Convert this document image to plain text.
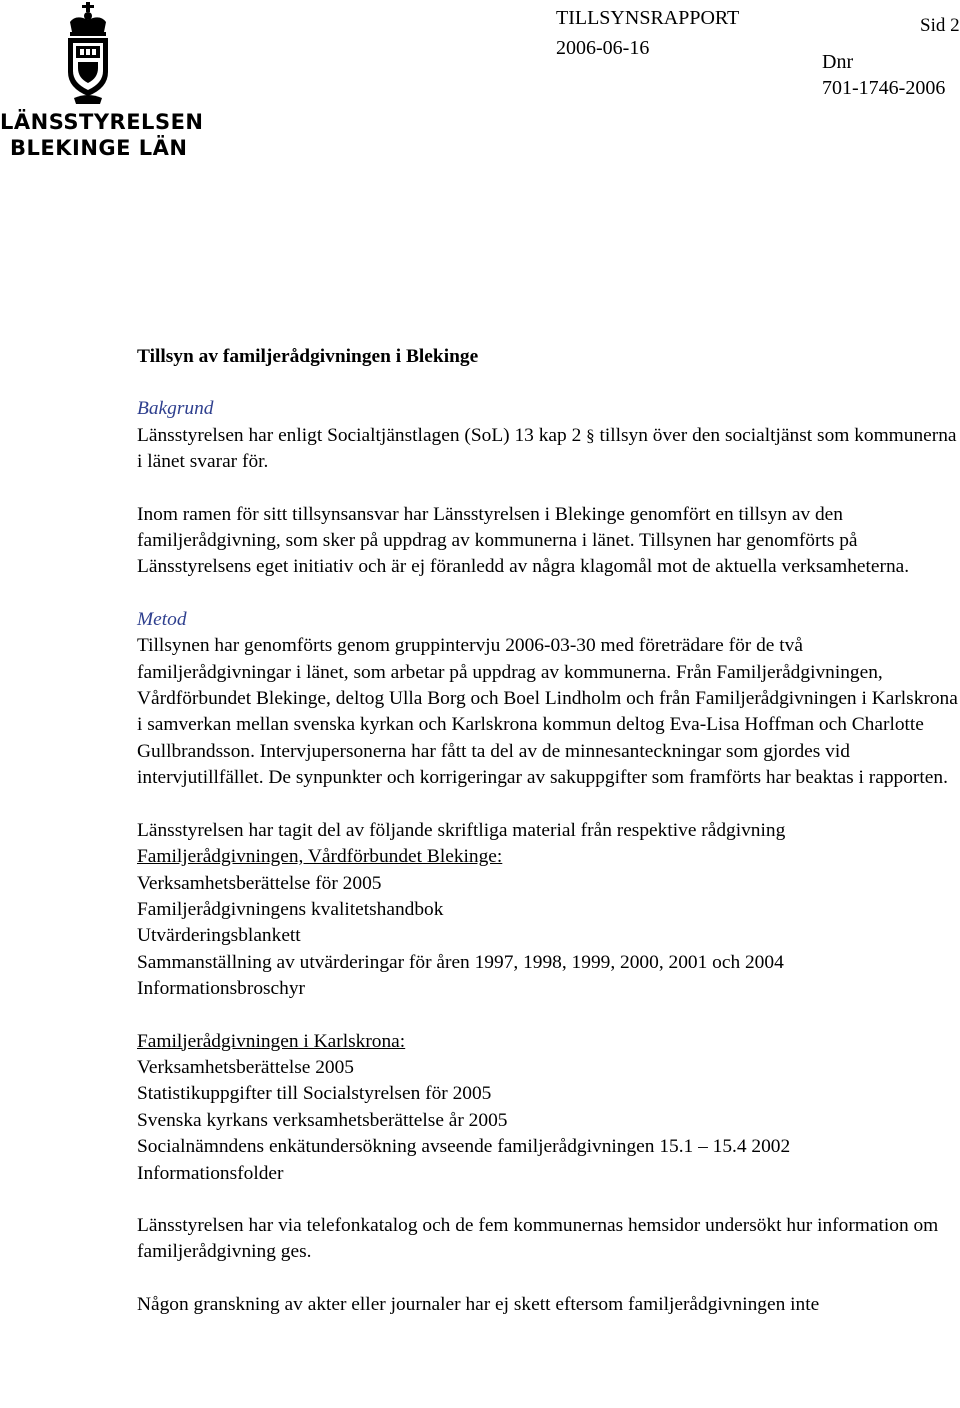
LÄNSSTYRELSEN
BLEKINGE LÄN
TILLSYNSRAPPORT
2006-06-16
Sid 2
Dnr
701-1746-2006

Tillsyn av familjerådgivningen i Blekinge

Bakgrund

Länsstyrelsen har enligt Socialtjänstlagen (SoL) 13 kap 2 § tillsyn över den socialtjänst som kommunerna i länet svarar för.

Inom ramen för sitt tillsynsansvar har Länsstyrelsen i Blekinge genomfört en tillsyn av den familjerådgivning, som sker på uppdrag av kommunerna i länet. Tillsynen har genomförts på Länsstyrelsens eget initiativ och är ej föranledd av några klagomål mot de aktuella verksamheterna.

Metod

Tillsynen har genomförts genom gruppintervju 2006-03-30 med företrädare för de två familjerådgivningar i länet, som arbetar på uppdrag av kommunerna. Från Familjerådgivningen, Vårdförbundet Blekinge, deltog Ulla Borg och Boel Lindholm och från Familjerådgivningen i Karlskrona i samverkan mellan svenska kyrkan och Karlskrona kommun deltog Eva-Lisa Hoffman och Charlotte Gullbrandsson. Intervjupersonerna har fått ta del av de minnesanteckningar som gjordes vid intervjutillfället. De synpunkter och korrigeringar av sakuppgifter som framförts har beaktas i rapporten.

Länsstyrelsen har tagit del av följande skriftliga material från respektive rådgivning

Familjerådgivningen, Vårdförbundet Blekinge:

Verksamhetsberättelse för 2005

Familjerådgivningens kvalitetshandbok

Utvärderingsblankett

Sammanställning av utvärderingar för åren 1997, 1998, 1999, 2000, 2001 och 2004

Informationsbroschyr

Familjerådgivningen i Karlskrona:

Verksamhetsberättelse 2005

Statistikuppgifter till Socialstyrelsen för 2005

Svenska kyrkans verksamhetsberättelse år 2005

Socialnämndens enkätundersökning avseende familjerådgivningen 15.1 – 15.4 2002

Informationsfolder

Länsstyrelsen har via telefonkatalog och de fem kommunernas hemsidor undersökt hur information om familjerådgivning ges.

Någon granskning av akter eller journaler har ej skett eftersom familjerådgivningen inte
